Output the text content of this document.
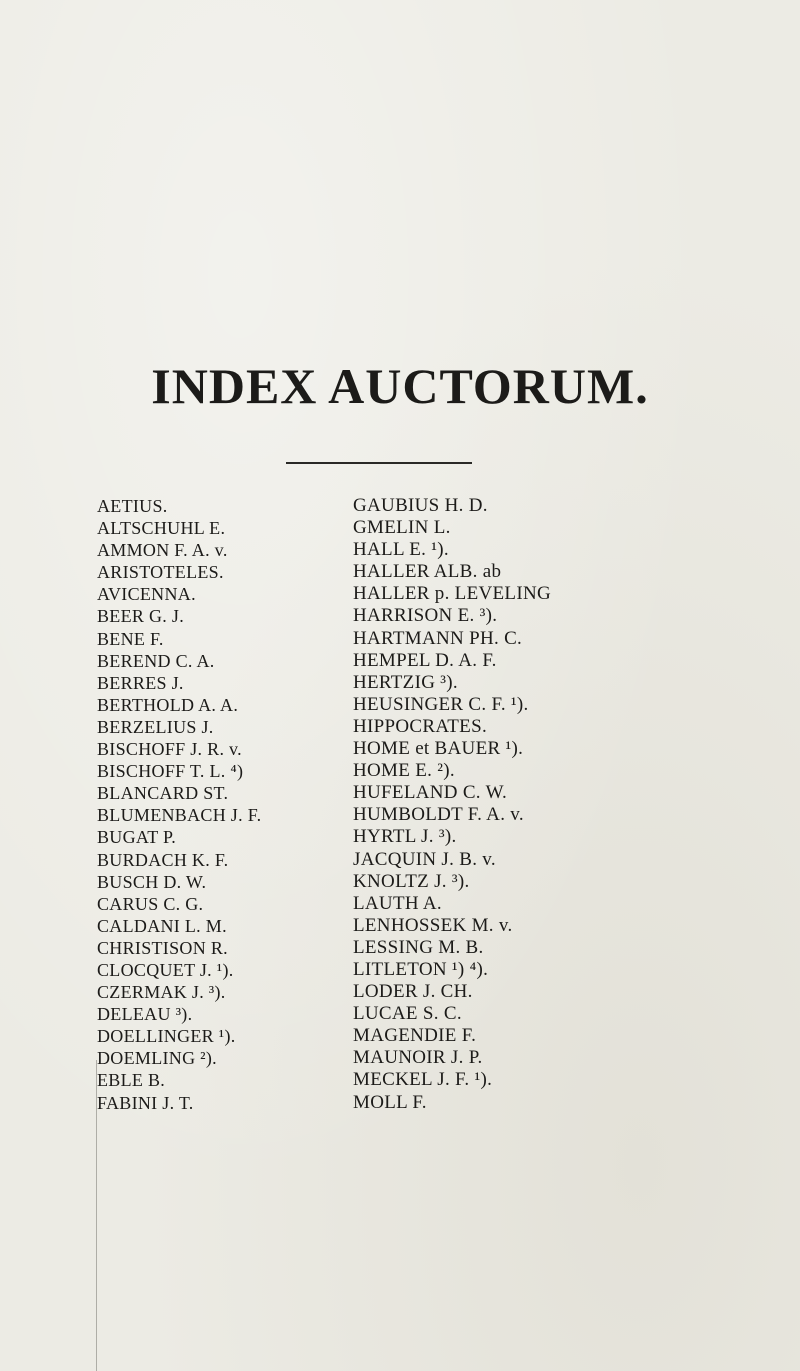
INDEX AUCTORUM.
AETIUS.
ALTSCHUHL E.
AMMON F. A. v.
ARISTOTELES.
AVICENNA.
BEER G. J.
BENE F.
BEREND C. A.
BERRES J.
BERTHOLD A. A.
BERZELIUS J.
BISCHOFF J. R. v.
BISCHOFF T. L. ⁴)
BLANCARD ST.
BLUMENBACH J. F.
BUGAT P.
BURDACH K. F.
BUSCH D. W.
CARUS C. G.
CALDANI L. M.
CHRISTISON R.
CLOCQUET J. ¹).
CZERMAK J. ³).
DELEAU ³).
DOELLINGER ¹).
DOEMLING ²).
EBLE B.
FABINI J. T.
GAUBIUS H. D.
GMELIN L.
HALL E. ¹).
HALLER ALB. ab
HALLER p. LEVELING
HARRISON E. ³).
HARTMANN PH. C.
HEMPEL D. A. F.
HERTZIG ³).
HEUSINGER C. F. ¹).
HIPPOCRATES.
HOME et BAUER ¹).
HOME E. ²).
HUFELAND C. W.
HUMBOLDT F. A. v.
HYRTL J. ³).
JACQUIN J. B. v.
KNOLTZ J. ³).
LAUTH A.
LENHOSSEK M. v.
LESSING M. B.
LITLETON ¹) ⁴).
LODER J. CH.
LUCAE S. C.
MAGENDIE F.
MAUNOIR J. P.
MECKEL J. F. ¹).
MOLL F.
